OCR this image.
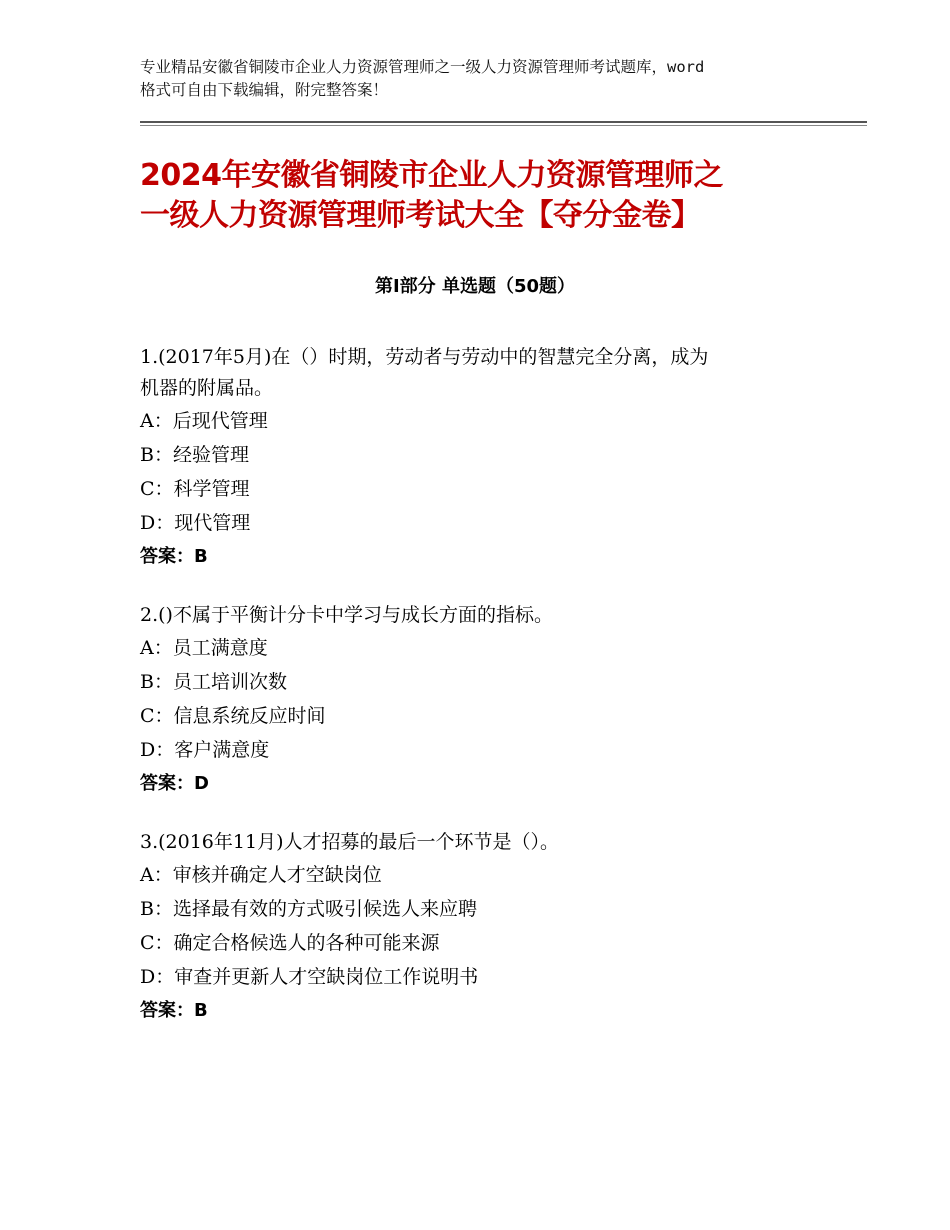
专业精品安徽省铜陵市企业人力资源管理师之一级人力资源管理师考试题库，word
格式可自由下载编辑，附完整答案！
2024年安徽省铜陵市企业人力资源管理师之
一级人力资源管理师考试大全【夺分金卷】
第Ⅰ部分 单选题（50题）
1.(2017年5月)在（）时期，劳动者与劳动中的智慧完全分离，成为
机器的附属品。
A：后现代管理
B：经验管理
C：科学管理
D：现代管理
答案：B
2.()不属于平衡计分卡中学习与成长方面的指标。
A：员工满意度
B：员工培训次数
C：信息系统反应时间
D：客户满意度
答案：D
3.(2016年11月)人才招募的最后一个环节是（）。
A：审核并确定人才空缺岗位
B：选择最有效的方式吸引候选人来应聘
C：确定合格候选人的各种可能来源
D：审查并更新人才空缺岗位工作说明书
答案：B
